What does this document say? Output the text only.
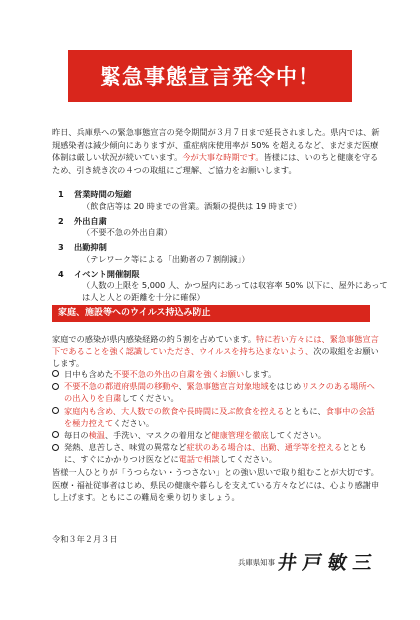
緊急事態宣言発令中！
昨日、兵庫県への緊急事態宣言の発令期間が３月７日まで延長されました。県内では、新規感染者は減少傾向にありますが、重症病床使用率が 50% を超えるなど、まだまだ医療体制は厳しい状況が続いています。今が大事な時期です。皆様には、いのちと健康を守るため、引き続き次の４つの取組にご理解、ご協力をお願いします。
1	営業時間の短縮
（飲食店等は 20 時までの営業。酒類の提供は 19 時まで）
2	外出自粛
（不要不急の外出自粛）
3	出勤抑制
（テレワーク等による「出勤者の７割削減」）
4	イベント開催制限
（人数の上限を 5,000 人、かつ屋内にあっては収容率 50% 以下に、屋外にあっては人と人との距離を十分に確保）
家庭、施設等へのウイルス持込み防止
家庭での感染が県内感染経路の約５割を占めています。特に若い方々には、緊急事態宣言下であることを強く認識していただき、ウイルスを持ち込まないよう、次の取組をお願いします。
日中も含めた不要不急の外出の自粛を強くお願いします。
不要不急の都道府県間の移動や、緊急事態宣言対象地域をはじめリスクのある場所への出入りを自粛してください。
家庭内も含め、大人数での飲食や長時間に及ぶ飲食を控えるとともに、食事中の会話を極力控えてください。
毎日の検温、手洗い、マスクの着用など健康管理を徹底してください。
発熱、息苦しさ、味覚の異常など症状のある場合は、出勤、通学等を控えるとともに、すぐにかかりつけ医などに電話で相談してください。
皆様一人ひとりが「うつらない・うつさない」との強い思いで取り組むことが大切です。医療・福祉従事者はじめ、県民の健康や暮らしを支えている方々などには、心より感謝申し上げます。ともにこの難局を乗り切りましょう。
令和３年２月３日
兵庫県知事 井戸敏三
